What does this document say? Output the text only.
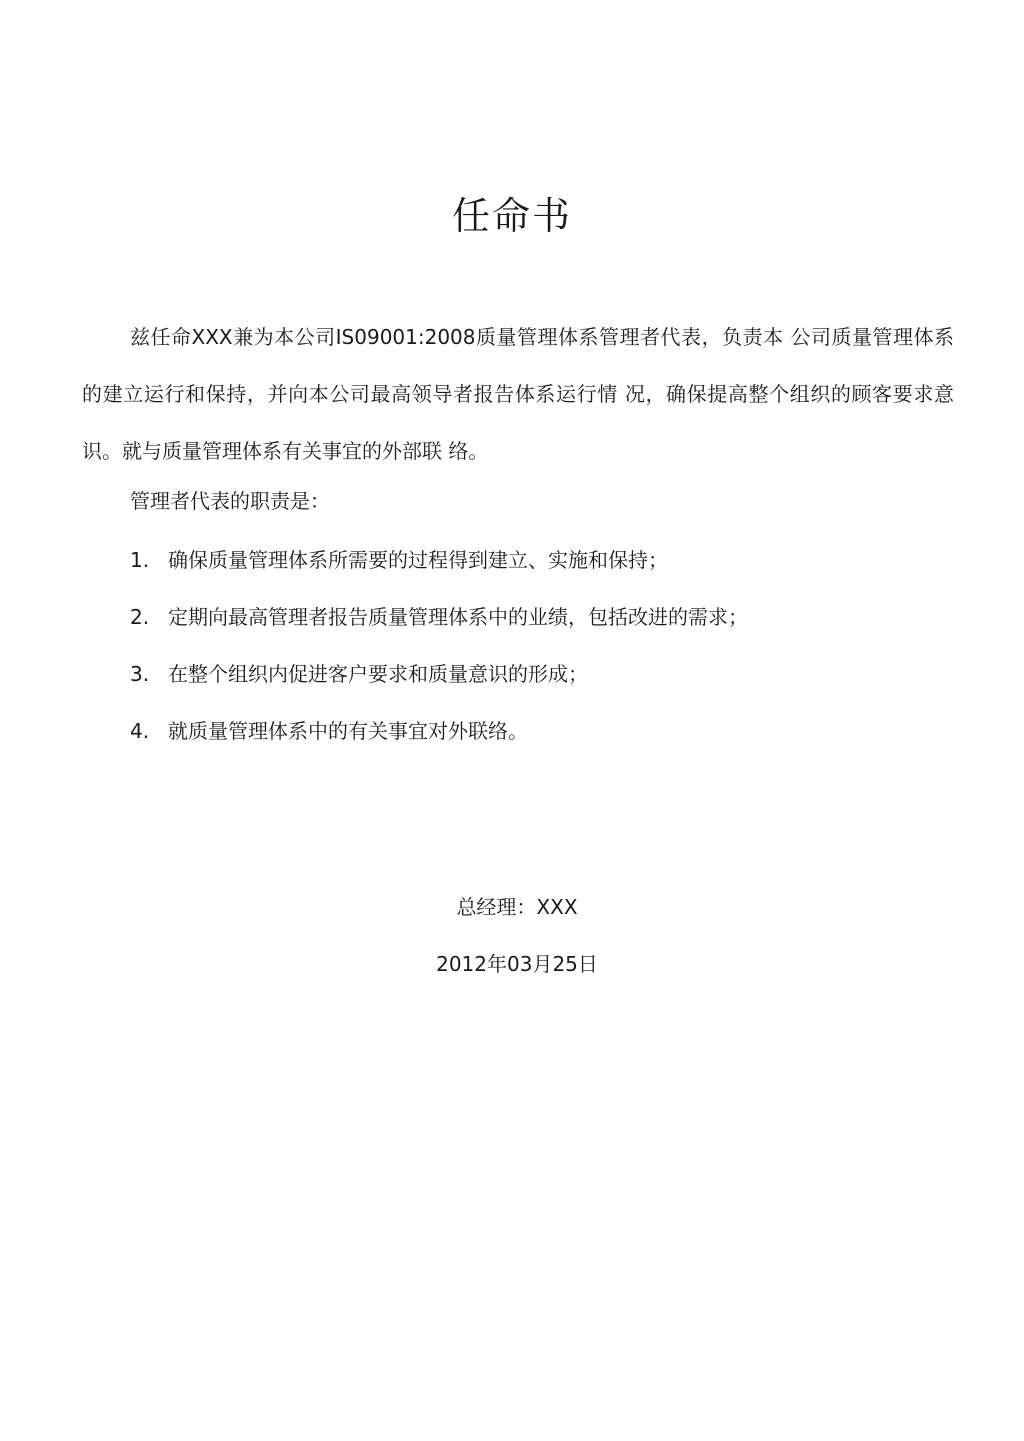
任命书
兹任命XXX兼为本公司IS09001:2008质量管理体系管理者代表，负责本 公司质量管理体系的建立运行和保持，并向本公司最高领导者报告体系运行情 况，确保提高整个组织的顾客要求意识。就与质量管理体系有关事宜的外部联 络。
管理者代表的职责是：
1. 确保质量管理体系所需要的过程得到建立、实施和保持；
2. 定期向最高管理者报告质量管理体系中的业绩，包括改进的需求；
3. 在整个组织内促进客户要求和质量意识的形成；
4. 就质量管理体系中的有关事宜对外联络。
总经理：XXX
2012年03月25日
